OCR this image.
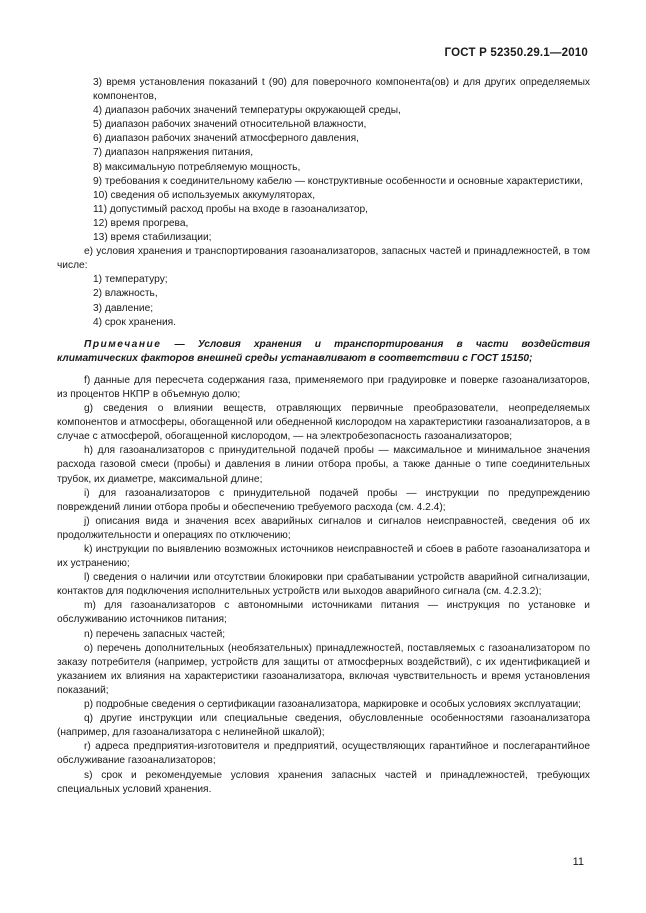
ГОСТ Р 52350.29.1—2010

3) время установления показаний t (90) для поверочного компонента(ов) и для других определяемых компонентов,

4) диапазон рабочих значений температуры окружающей среды,

5) диапазон рабочих значений относительной влажности,

6) диапазон рабочих значений атмосферного давления,

7) диапазон напряжения питания,

8) максимальную потребляемую мощность,

9) требования к соединительному кабелю — конструктивные особенности и основные характеристики,

10) сведения об используемых аккумуляторах,

11) допустимый расход пробы на входе в газоанализатор,

12) время прогрева,

13) время стабилизации;

е) условия хранения и транспортирования газоанализаторов, запасных частей и принадлежностей, в том числе:

1) температуру;

2) влажность,

3) давление;

4) срок хранения.

Примечание — Условия хранения и транспортирования в части воздействия климатических факторов внешней среды устанавливают в соответствии с ГОСТ 15150;

f) данные для пересчета содержания газа, применяемого при градуировке и поверке газоанализаторов, из процентов НКПР в объемную долю;

g) сведения о влиянии веществ, отравляющих первичные преобразователи, неопределяемых компонентов и атмосферы, обогащенной или обедненной кислородом на характеристики газоанализаторов, а в случае с атмосферой, обогащенной кислородом, — на электробезопасность газоанализаторов;

h) для газоанализаторов с принудительной подачей пробы — максимальное и минимальное значения расхода газовой смеси (пробы) и давления в линии отбора пробы, а также данные о типе соединительных трубок, их диаметре, максимальной длине;

i) для газоанализаторов с принудительной подачей пробы — инструкции по предупреждению повреждений линии отбора пробы и обеспечению требуемого расхода (см. 4.2.4);

j) описания вида и значения всех аварийных сигналов и сигналов неисправностей, сведения об их продолжительности и операциях по отключению;

k) инструкции по выявлению возможных источников неисправностей и сбоев в работе газоанализатора и их устранению;

l) сведения о наличии или отсутствии блокировки при срабатывании устройств аварийной сигнализации, контактов для подключения исполнительных устройств или выходов аварийного сигнала (см. 4.2.3.2);

m) для газоанализаторов с автономными источниками питания — инструкция по установке и обслуживанию источников питания;

n) перечень запасных частей;

o) перечень дополнительных (необязательных) принадлежностей, поставляемых с газоанализатором по заказу потребителя (например, устройств для защиты от атмосферных воздействий), с их идентификацией и указанием их влияния на характеристики газоанализатора, включая чувствительность и время установления показаний;

p) подробные сведения о сертификации газоанализатора, маркировке и особых условиях эксплуатации;

q) другие инструкции или специальные сведения, обусловленные особенностями газоанализатора (например, для газоанализатора с нелинейной шкалой);

r) адреса предприятия-изготовителя и предприятий, осуществляющих гарантийное и послегарантийное обслуживание газоанализаторов;

s) срок и рекомендуемые условия хранения запасных частей и принадлежностей, требующих специальных условий хранения.

11
